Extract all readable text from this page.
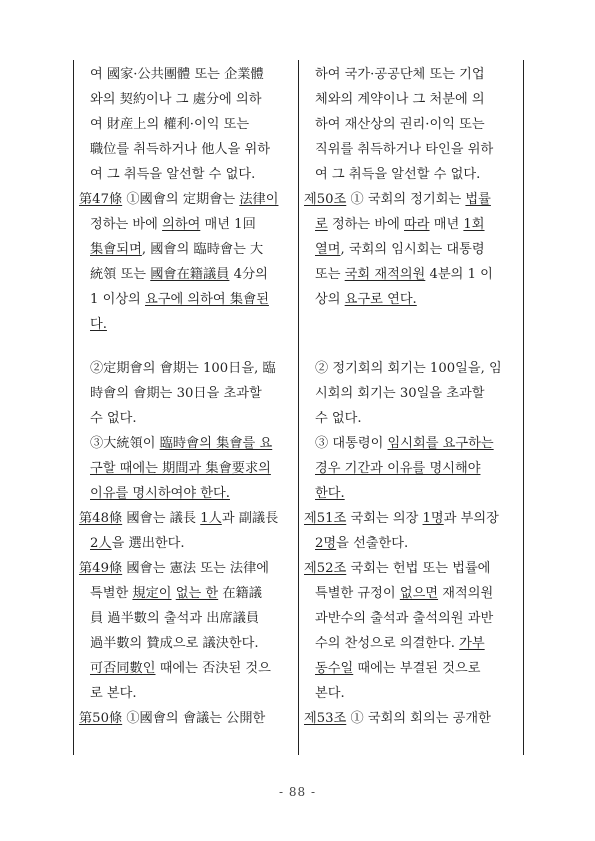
여 國家·公共團體 또는 企業體
와의 契約이나 그 處分에 의하
여 財産上의 權利·이익 또는
職位를 취득하거나 他人을 위하
여 그 취득을 알선할 수 없다.
第47條 ①國會의 定期會는 法律이
정하는 바에 의하여 매년 1回
集會되며, 國會의 臨時會는 大
統領 또는 國會在籍議員 4分의
1 이상의 요구에 의하여 集會된
다.
②定期會의 會期는 100日을, 臨
時會의 會期는 30日을 초과할
수 없다.
③大統領이 臨時會의 集會를 요
구할 때에는 期間과 集會要求의
이유를 명시하여야 한다.
第48條 國會는 議長 1人과 副議長
2人을 選出한다.
第49條 國會는 憲法 또는 法律에
특별한 規定이 없는 한 在籍議
員 過半數의 출석과 出席議員
過半數의 贊成으로 議決한다.
可否同數인 때에는 否決된 것으
로 본다.
第50條 ①國會의 會議는 公開한
하여 국가·공공단체 또는 기업
체와의 계약이나 그 처분에 의
하여 재산상의 권리·이익 또는
직위를 취득하거나 타인을 위하
여 그 취득을 알선할 수 없다.
제50조 ① 국회의 정기회는 법률
로 정하는 바에 따라 매년 1회
열며, 국회의 임시회는 대통령
또는 국회 재적의원 4분의 1 이
상의 요구로 연다.
② 정기회의 회기는 100일을, 임
시회의 회기는 30일을 초과할
수 없다.
③ 대통령이 임시회를 요구하는
경우 기간과 이유를 명시해야
한다.
제51조 국회는 의장 1명과 부의장
2명을 선출한다.
제52조 국회는 헌법 또는 법률에
특별한 규정이 없으면 재적의원
과반수의 출석과 출석의원 과반
수의 찬성으로 의결한다. 가부
동수일 때에는 부결된 것으로
본다.
제53조 ① 국회의 회의는 공개한
- 88 -
